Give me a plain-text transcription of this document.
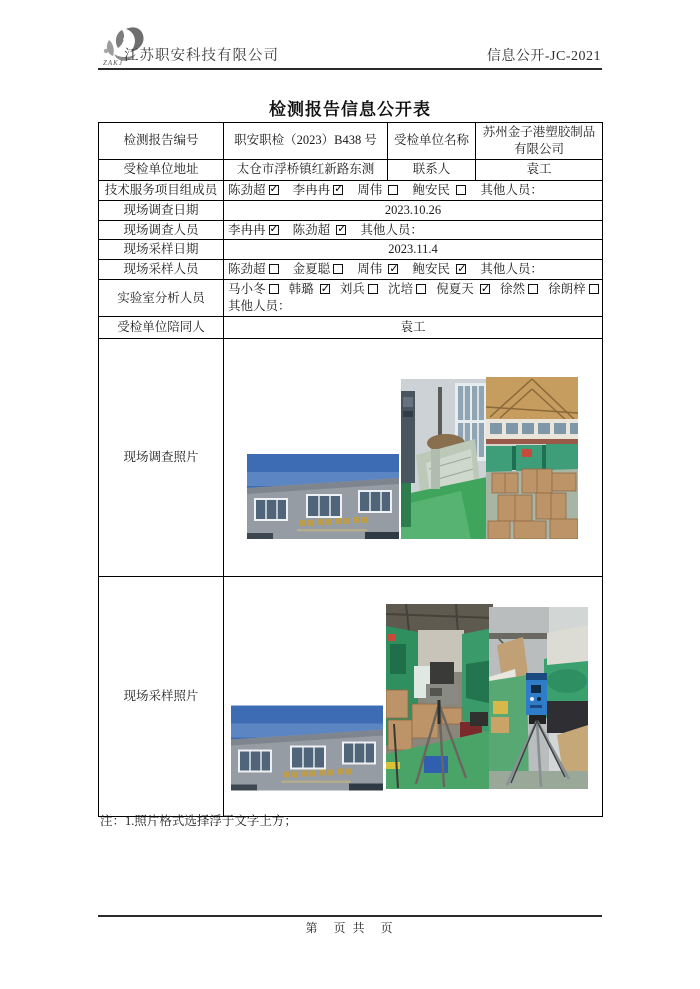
ZAKJ 江苏职安科技有限公司	信息公开-JC-2021
检测报告信息公开表
检测报告编号	职安职检（2023）B438 号	受检单位名称	苏州金子港塑胶制品有限公司
受检单位地址	太仓市浮桥镇红新路东测	联系人	袁工
技术服务项目组成员	陈劲超 ✓ 李冉冉 ✓ 周伟 鲍安民 其他人员：
现场调查日期	2023.10.26		
现场调查人员	李冉冉 ✓ 陈劲超 ✓ 其他人员：
现场采样日期	2023.11.4		
现场采样人员	陈劲超 金夏聪 周伟 ✓ 鲍安民 ✓ 其他人员：
实验室分析人员	马小冬 韩璐 ✓ 刘兵 沈培 倪夏天 ✓ 徐然 徐朗梓
其他人员：

受检单位陪同人	袁工		
现场调查照片	

现场采样照片	
注：1.照片格式选择浮于文字上方；
第　页 共　页
